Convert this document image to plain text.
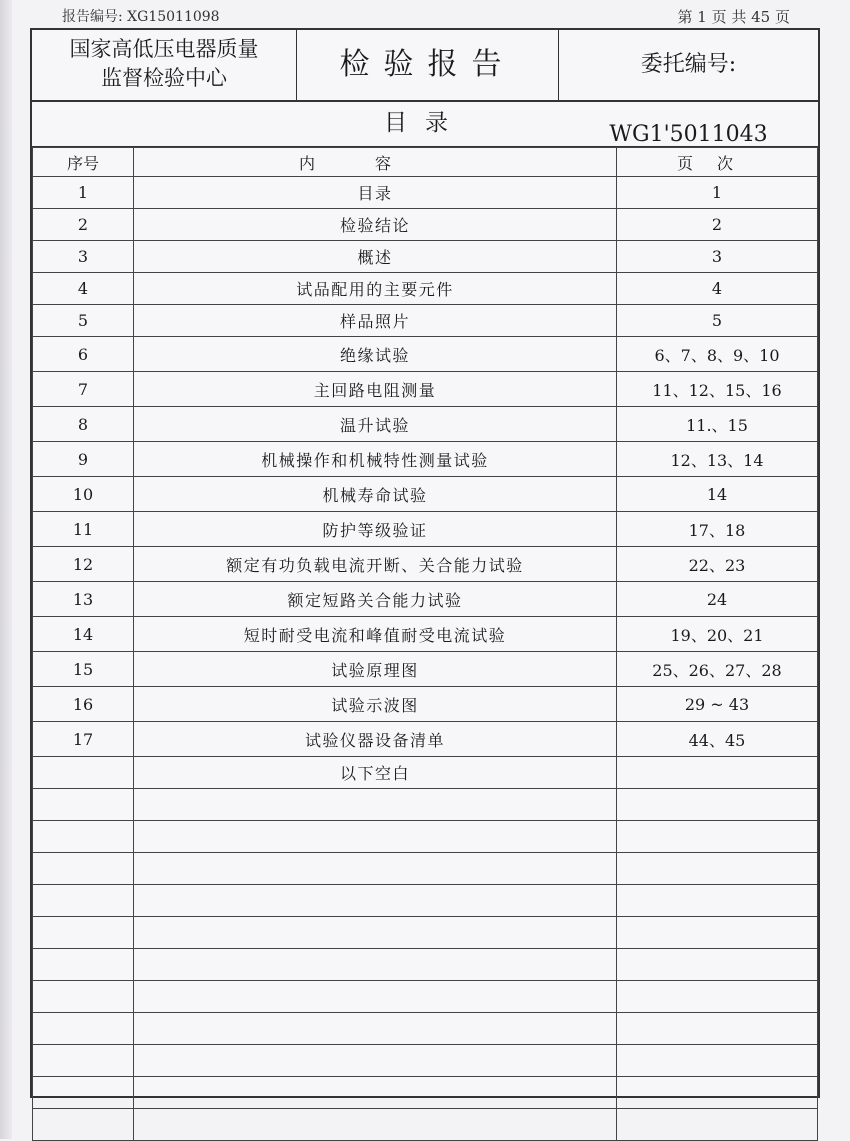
报告编号: XG15011098	第 1 页 共 45 页
国家高低压电器质量
监督检验中心	检验报告	委托编号: WG1'5011043
目录
序号	内容	页次
1	目录	1
2	检验结论	2
3	概述	3
4	试品配用的主要元件	4
5	样品照片	5
6	绝缘试验	6、7、8、9、10
7	主回路电阻测量	11、12、15、16
8	温升试验	11.、15
9	机械操作和机械特性测量试验	12、13、14
10	机械寿命试验	14
11	防护等级验证	17、18
12	额定有功负载电流开断、关合能力试验	22、23
13	额定短路关合能力试验	24
14	短时耐受电流和峰值耐受电流试验	19、20、21
15	试验原理图	25、26、27、28
16	试验示波图	29 ~ 43
17	试验仪器设备清单	44、45
	以下空白	
